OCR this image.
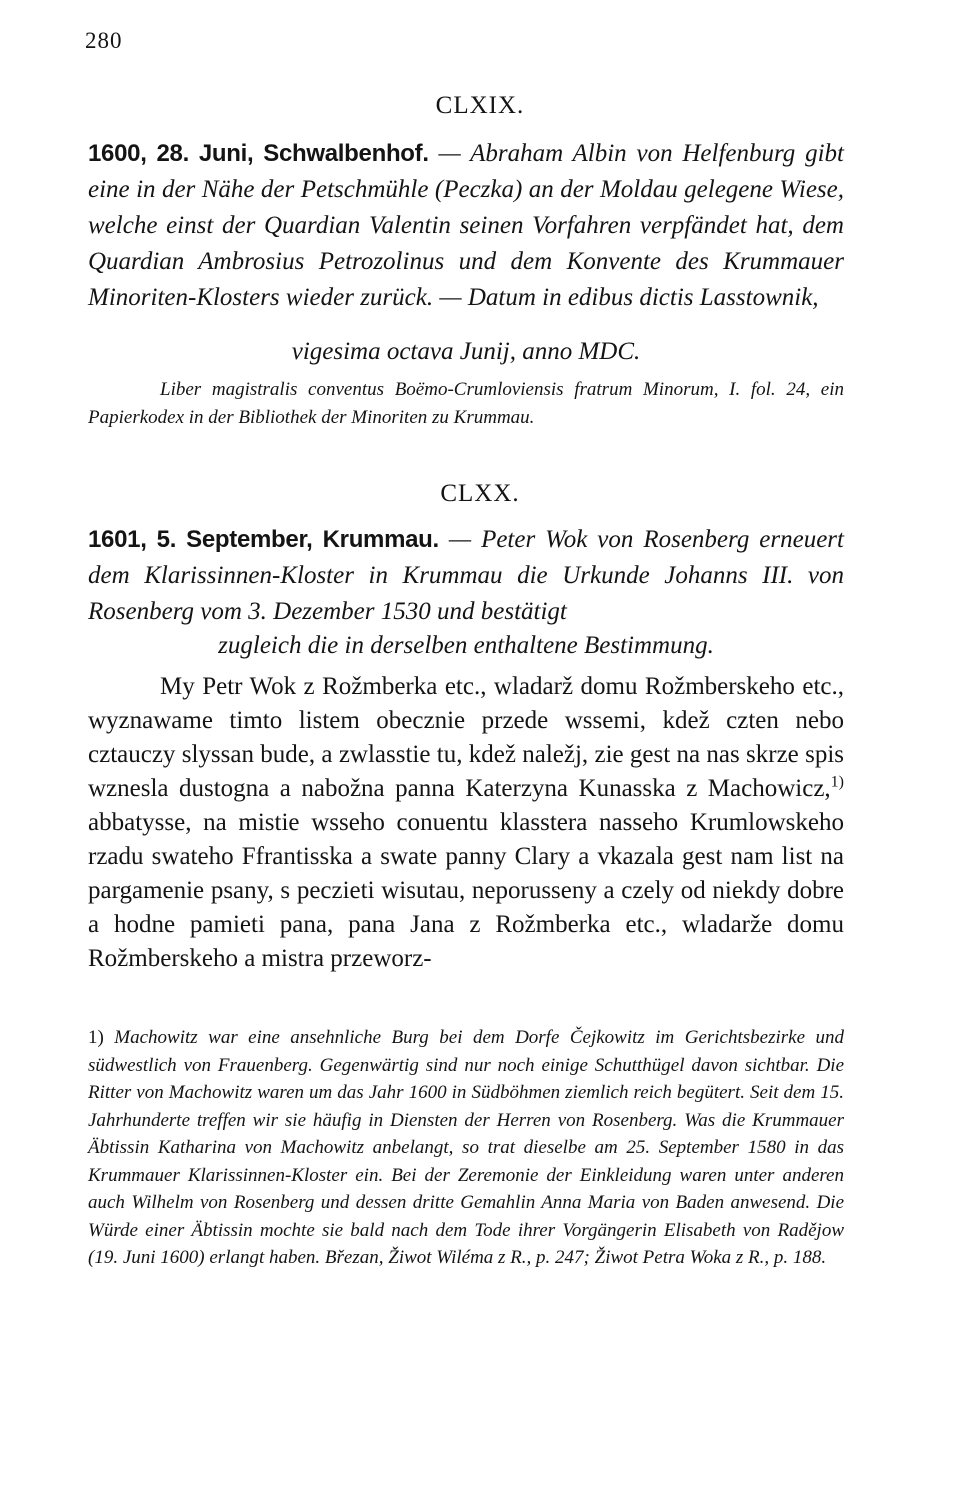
280
CLXIX.
1600, 28. Juni, Schwalbenhof. — Abraham Albin von Helfenburg gibt eine in der Nähe der Petschmühle (Peczka) an der Moldau gelegene Wiese, welche einst der Quardian Valentin seinen Vorfahren verpfändet hat, dem Quardian Ambrosius Petrozolinus und dem Konvente des Krummauer Minoriten-Klosters wieder zurück. — Datum in edibus dictis Lasstownik,
vigesima octava Junij, anno MDC.
Liber magistralis conventus Boëmo-Crumloviensis fratrum Minorum, I. fol. 24, ein Papierkodex in der Bibliothek der Minoriten zu Krummau.
CLXX.
1601, 5. September, Krummau. — Peter Wok von Rosenberg erneuert dem Klarissinnen-Kloster in Krummau die Urkunde Johanns III. von Rosenberg vom 3. Dezember 1530 und bestätigt
zugleich die in derselben enthaltene Bestimmung.
My Petr Wok z Rožmberka etc., wladarž domu Rožmberskeho etc., wyznawame timto listem obecznie przede wssemi, kdež czten nebo cztauczy slyssan bude, a zwlasstie tu, kdež naležj, zie gest na nas skrze spis wznesla dustogna a nabožna panna Katerzyna Kunasska z Machowicz,$^{1)}$ abbatysse, na mistie wsseho conuentu klasstera nasseho Krumlowskeho rzadu swateho Ffrantisska a swate panny Clary a vkazala gest nam list na pargamenie psany, s peczieti wisutau, neporusseny a czely od niekdy dobre a hodne pamieti pana, pana Jana z Rožmberka etc., wladarže domu Rožmberskeho a mistra przeworz-
1) Machowitz war eine ansehnliche Burg bei dem Dorfe Čejkowitz im Gerichtsbezirke und südwestlich von Frauenberg. Gegenwärtig sind nur noch einige Schutthügel davon sichtbar. Die Ritter von Machowitz waren um das Jahr 1600 in Südböhmen ziemlich reich begütert. Seit dem 15. Jahrhunderte treffen wir sie häufig in Diensten der Herren von Rosenberg. Was die Krummauer Äbtissin Katharina von Machowitz anbelangt, so trat dieselbe am 25. September 1580 in das Krummauer Klarissinnen-Kloster ein. Bei der Zeremonie der Einkleidung waren unter anderen auch Wilhelm von Rosenberg und dessen dritte Gemahlin Anna Maria von Baden anwesend. Die Würde einer Äbtissin mochte sie bald nach dem Tode ihrer Vorgängerin Elisabeth von Radějow (19. Juni 1600) erlangt haben. Březan, Žiwot Wiléma z R., p. 247; Žiwot Petra Woka z R., p. 188.
